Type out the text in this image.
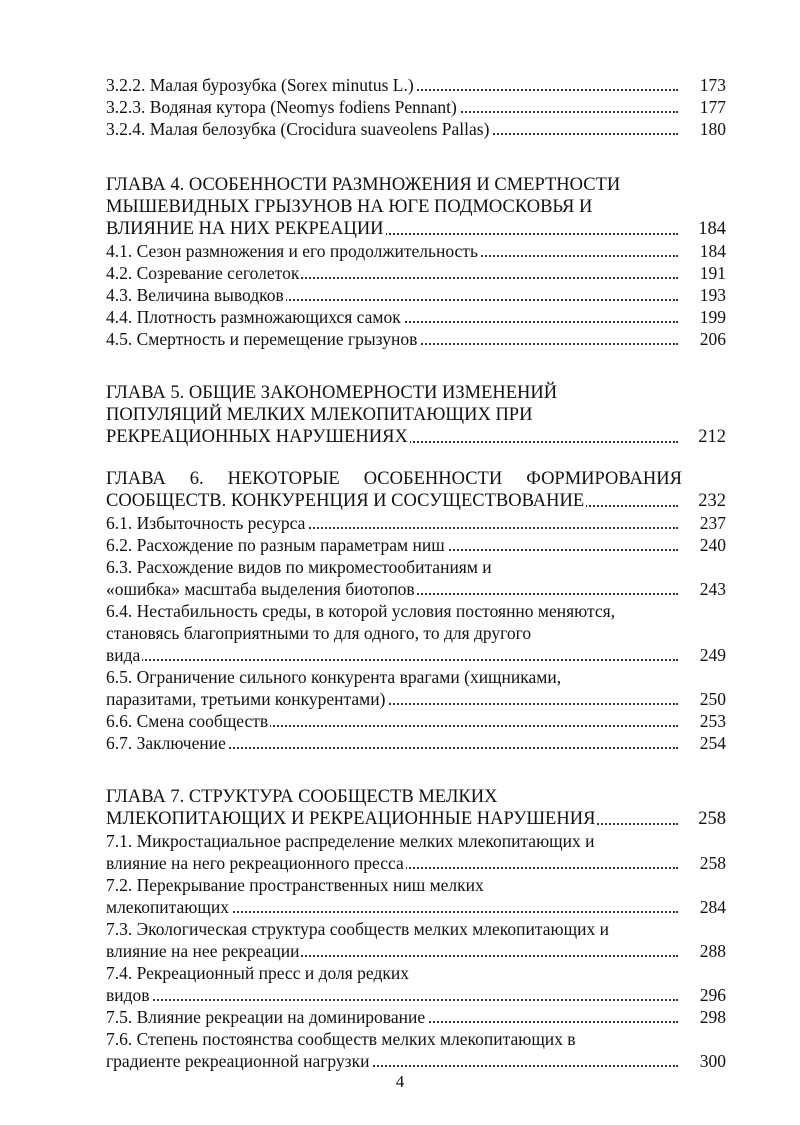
3.2.2. Малая бурозубка (Sorex minutus L.)	173
3.2.3. Водяная кутора (Neomys fodiens Pennant)	177
3.2.4. Малая белозубка (Crocidura suaveolens Pallas)	180
ГЛАВА 4. ОСОБЕННОСТИ РАЗМНОЖЕНИЯ И СМЕРТНОСТИ
МЫШЕВИДНЫХ ГРЫЗУНОВ НА ЮГЕ ПОДМОСКОВЬЯ И
ВЛИЯНИЕ НА НИХ РЕКРЕАЦИИ	184
4.1. Сезон размножения и его продолжительность	184
4.2. Созревание сеголеток	191
4.3. Величина выводков	193
4.4. Плотность размножающихся самок	199
4.5. Смертность и перемещение грызунов	206
ГЛАВА 5. ОБЩИЕ ЗАКОНОМЕРНОСТИ ИЗМЕНЕНИЙ
ПОПУЛЯЦИЙ МЕЛКИХ МЛЕКОПИТАЮЩИХ ПРИ
РЕКРЕАЦИОННЫХ НАРУШЕНИЯХ	212
ГЛАВА 6. НЕКОТОРЫЕ ОСОБЕННОСТИ ФОРМИРОВАНИЯ
СООБЩЕСТВ. КОНКУРЕНЦИЯ И СОСУЩЕСТВОВАНИЕ	232
6.1. Избыточность ресурса	237
6.2. Расхождение по разным параметрам ниш	240
6.3. Расхождение видов по микроместообитаниям и
«ошибка» масштаба выделения биотопов	243
6.4. Нестабильность среды, в которой условия постоянно меняются,
становясь благоприятными то для одного, то для другого
вида	249
6.5. Ограничение сильного конкурента врагами (хищниками,
паразитами, третьими конкурентами)	250
6.6. Смена сообществ	253
6.7. Заключение	254
ГЛАВА 7. СТРУКТУРА СООБЩЕСТВ МЕЛКИХ
МЛЕКОПИТАЮЩИХ И РЕКРЕАЦИОННЫЕ НАРУШЕНИЯ	258
7.1. Микростациальное распределение мелких млекопитающих и
влияние на него рекреационного пресса	258
7.2. Перекрывание пространственных ниш мелких
млекопитающих	284
7.3. Экологическая структура сообществ мелких млекопитающих и
влияние на нее рекреации	288
7.4. Рекреационный пресс и доля редких
видов	296
7.5. Влияние рекреации на доминирование	298
7.6. Степень постоянства сообществ мелких млекопитающих в
градиенте рекреационной нагрузки	300
4
